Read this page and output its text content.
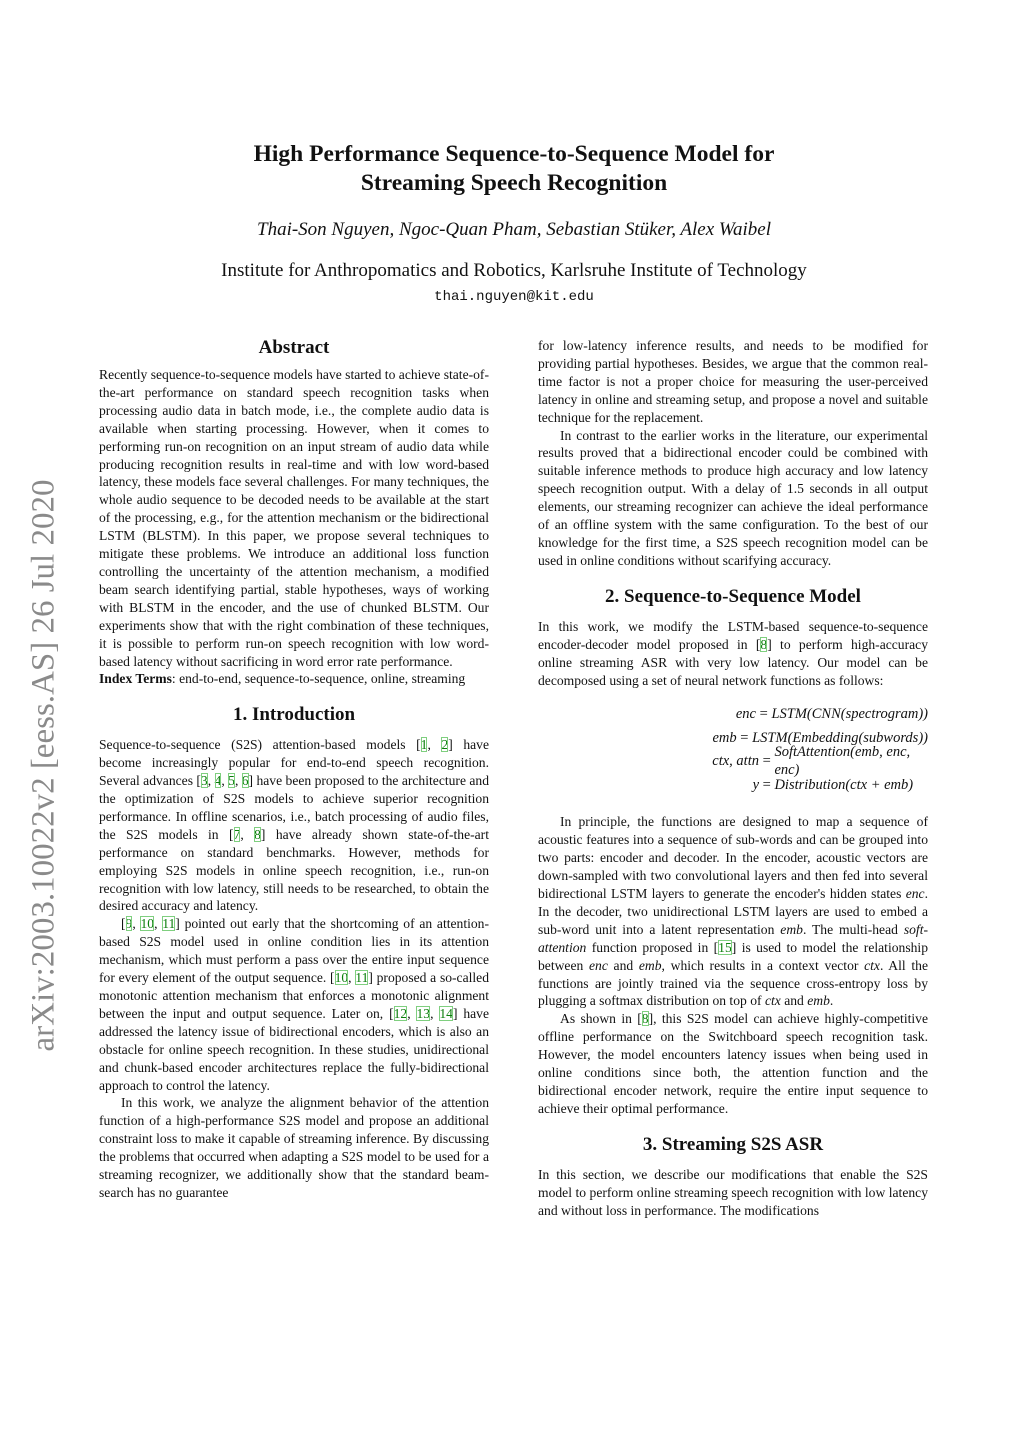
arXiv:2003.10022v2 [eess.AS] 26 Jul 2020
High Performance Sequence-to-Sequence Model for
Streaming Speech Recognition
Thai-Son Nguyen, Ngoc-Quan Pham, Sebastian Stüker, Alex Waibel
Institute for Anthropomatics and Robotics, Karlsruhe Institute of Technology
thai.nguyen@kit.edu
Abstract

Recently sequence-to-sequence models have started to achieve state-of-the-art performance on standard speech recognition tasks when processing audio data in batch mode, i.e., the complete audio data is available when starting processing. However, when it comes to performing run-on recognition on an input stream of audio data while producing recognition results in real-time and with low word-based latency, these models face several challenges. For many techniques, the whole audio sequence to be decoded needs to be available at the start of the processing, e.g., for the attention mechanism or the bidirectional LSTM (BLSTM). In this paper, we propose several techniques to mitigate these problems. We introduce an additional loss function controlling the uncertainty of the attention mechanism, a modified beam search identifying partial, stable hypotheses, ways of working with BLSTM in the encoder, and the use of chunked BLSTM. Our experiments show that with the right combination of these techniques, it is possible to perform run-on speech recognition with low word-based latency without sacrificing in word error rate performance.
Index Terms: end-to-end, sequence-to-sequence, online, streaming

1. Introduction

Sequence-to-sequence (S2S) attention-based models [1, 2] have become increasingly popular for end-to-end speech recognition. Several advances [3, 4, 5, 6] have been proposed to the architecture and the optimization of S2S models to achieve superior recognition performance. In offline scenarios, i.e., batch processing of audio files, the S2S models in [7, 8] have already shown state-of-the-art performance on standard benchmarks. However, methods for employing S2S models in online speech recognition, i.e., run-on recognition with low latency, still needs to be researched, to obtain the desired accuracy and latency.

[9, 10, 11] pointed out early that the shortcoming of an attention-based S2S model used in online condition lies in its attention mechanism, which must perform a pass over the entire input sequence for every element of the output sequence. [10, 11] proposed a so-called monotonic attention mechanism that enforces a monotonic alignment between the input and output sequence. Later on, [12, 13, 14] have addressed the latency issue of bidirectional encoders, which is also an obstacle for online speech recognition. In these studies, unidirectional and chunk-based encoder architectures replace the fully-bidirectional approach to control the latency.

In this work, we analyze the alignment behavior of the attention function of a high-performance S2S model and propose an additional constraint loss to make it capable of streaming inference. By discussing the problems that occurred when adapting a S2S model to be used for a streaming recognizer, we additionally show that the standard beam-search has no guarantee

for low-latency inference results, and needs to be modified for providing partial hypotheses. Besides, we argue that the common real-time factor is not a proper choice for measuring the user-perceived latency in online and streaming setup, and propose a novel and suitable technique for the replacement.

In contrast to the earlier works in the literature, our experimental results proved that a bidirectional encoder could be combined with suitable inference methods to produce high accuracy and low latency speech recognition output. With a delay of 1.5 seconds in all output elements, our streaming recognizer can achieve the ideal performance of an offline system with the same configuration. To the best of our knowledge for the first time, a S2S speech recognition model can be used in online conditions without scarifying accuracy.

2. Sequence-to-Sequence Model

In this work, we modify the LSTM-based sequence-to-sequence encoder-decoder model proposed in [8] to perform high-accuracy online streaming ASR with very low latency. Our model can be decomposed using a set of neural network functions as follows:

enc = LSTM(CNN(spectrogram))
emb = LSTM(Embedding(subwords))
ctx, attn =
SoftAttention(emb, enc, enc)
y = Distribution(ctx + emb)

In principle, the functions are designed to map a sequence of acoustic features into a sequence of sub-words and can be grouped into two parts: encoder and decoder. In the encoder, acoustic vectors are down-sampled with two convolutional layers and then fed into several bidirectional LSTM layers to generate the encoder's hidden states enc. In the decoder, two unidirectional LSTM layers are used to embed a sub-word unit into a latent representation emb. The multi-head soft-attention function proposed in [15] is used to model the relationship between enc and emb, which results in a context vector ctx. All the functions are jointly trained via the sequence cross-entropy loss by plugging a softmax distribution on top of ctx and emb.

As shown in [8], this S2S model can achieve highly-competitive offline performance on the Switchboard speech recognition task. However, the model encounters latency issues when being used in online conditions since both, the attention function and the bidirectional encoder network, require the entire input sequence to achieve their optimal performance.

3. Streaming S2S ASR

In this section, we describe our modifications that enable the S2S model to perform online streaming speech recognition with low latency and without loss in performance. The modifications
